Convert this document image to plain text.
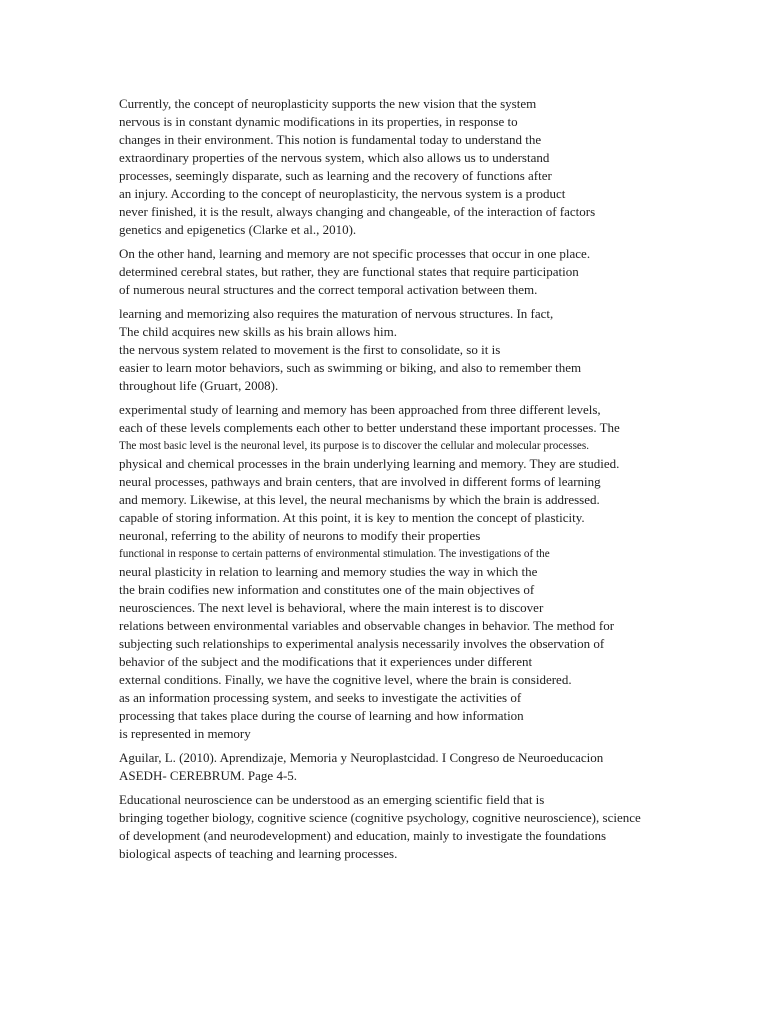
Currently, the concept of neuroplasticity supports the new vision that the system
nervous is in constant dynamic modifications in its properties, in response to
changes in their environment. This notion is fundamental today to understand the
extraordinary properties of the nervous system, which also allows us to understand
processes, seemingly disparate, such as learning and the recovery of functions after
an injury. According to the concept of neuroplasticity, the nervous system is a product
never finished, it is the result, always changing and changeable, of the interaction of factors
genetics and epigenetics (Clarke et al., 2010).

On the other hand, learning and memory are not specific processes that occur in one place.
determined cerebral states, but rather, they are functional states that require participation
of numerous neural structures and the correct temporal activation between them.

learning and memorizing also requires the maturation of nervous structures. In fact,
The child acquires new skills as his brain allows him.
the nervous system related to movement is the first to consolidate, so it is
easier to learn motor behaviors, such as swimming or biking, and also to remember them
throughout life (Gruart, 2008).

experimental study of learning and memory has been approached from three different levels,
each of these levels complements each other to better understand these important processes. The
The most basic level is the neuronal level, its purpose is to discover the cellular and molecular processes.
physical and chemical processes in the brain underlying learning and memory. They are studied.
neural processes, pathways and brain centers, that are involved in different forms of learning
and memory. Likewise, at this level, the neural mechanisms by which the brain is addressed.
capable of storing information. At this point, it is key to mention the concept of plasticity.
neuronal, referring to the ability of neurons to modify their properties
functional in response to certain patterns of environmental stimulation. The investigations of the
neural plasticity in relation to learning and memory studies the way in which the
the brain codifies new information and constitutes one of the main objectives of
neurosciences. The next level is behavioral, where the main interest is to discover
relations between environmental variables and observable changes in behavior. The method for
subjecting such relationships to experimental analysis necessarily involves the observation of
behavior of the subject and the modifications that it experiences under different
external conditions. Finally, we have the cognitive level, where the brain is considered.
as an information processing system, and seeks to investigate the activities of
processing that takes place during the course of learning and how information
is represented in memory

Aguilar, L. (2010). Aprendizaje, Memoria y Neuroplastcidad. I Congreso de Neuroeducacion
ASEDH- CEREBRUM. Page 4-5.

Educational neuroscience can be understood as an emerging scientific field that is
bringing together biology, cognitive science (cognitive psychology, cognitive neuroscience), science
of development (and neurodevelopment) and education, mainly to investigate the foundations
biological aspects of teaching and learning processes.
